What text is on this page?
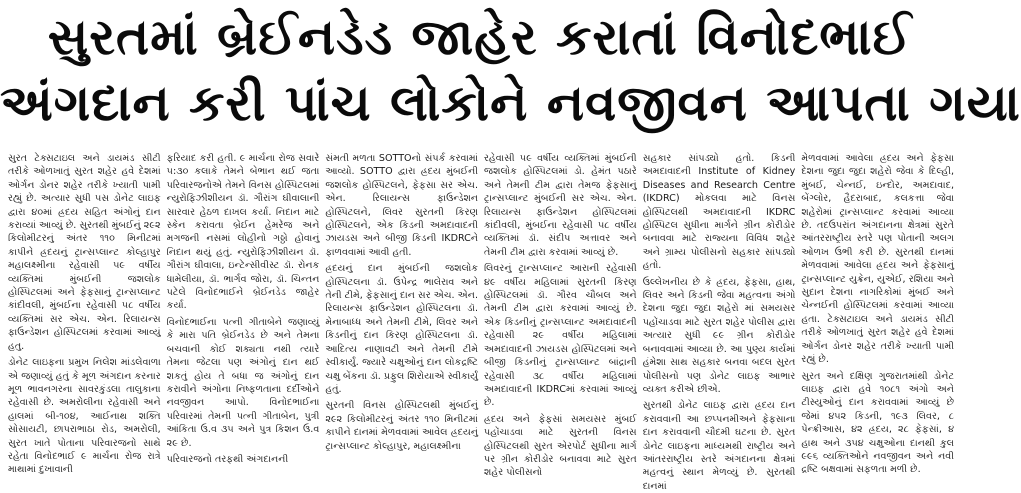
સુરતમાં બ્રેઈનડેડ જાહેર કરાતાં વિનોદભાઈ
અંગદાન કરી પાંચ લોકોને નવજીવન આપતા ગયા

સુરત ટેક્સટાઇલ અને ડાયમંડ સીટી તરીકે ઓળખાતું સુરત શહેર હવે દેશમાં ઓર્ગન ડોનર શહેર તરીકે ખ્યાતી પામી રહ્યું છે. અત્યાર સુધી ૫સ ડોનેટ લાઇફ દ્વારા ૪૦માં હ્રદય સહિત અંગોનું દાન કરાવ્યાં આવ્યું છે. સુરતથી મુંબઈનું ૨૯૨ કિલોમીટરનું અંતર ૧૧૦ મિનીટમાં કાપીને હ્રદયનું ટ્રાન્સપ્લાન્ટ કોલ્હાપુર મહાલક્ષ્મીના રહેવાસી ૫૯ વર્ષીય વ્યક્તિમાં મુંબઈની જશલોક હોસ્પિટલમાં અને ફેફસાનું ટ્રાન્સપ્લાન્ટ કાંદીવલી, મુંબઈના રહેવાસી ૫૮ વર્ષીય વ્યક્તિમાં સર એચ. એન. રિલાયન્સ ફાઉન્ડેશન હોસ્પિટલમાં કરવામાં આવ્યું હતુ.

ડોનેટ લાઇફના પ્રમુખ નિલેશ માંડલેવાળા એ જણાવ્યું હતું કે મૂળ અંગદાન કરનાર મૂળ ભાવનગરના સાવરકુંડલા તાલુકાના રહેવાસી છે. અમરોલીના રહેવાસી અને હાલમાં બી-૧૦૪, આઈનાથ શક્તિ સોસાયટી, છાપરાભાઠા રોડ, અમરોલી, સુરત ખાતે પોતાના પરિવારજનો સાથે રહેતા વિનોદભાઈ ૯ માર્ચના રોજ રાત્રે માથામાં દુખાવાની

ફરિયાદ કરી હતી. ૯ માર્ચના રોજ સવારે ૫:૩૦ કલાકે તેમને બેભાન થઈ જતા પરિવારજનોએ તેમને વિનસ હોસ્પિટલમાં ન્યુરોફિઝીશીયન ડૉ. ગૌરાંગ ઘીવાલાની સારવાર હેઠળ દાખલ કર્યા. નિદાન માટે સ્કેન કરાવતા બ્રેઈન હેમરેજ અને મગજની નસમાં લોહીનો ગઠ્ઠો હોવાનું નિદાન થયું હતું. ન્યુરોફિઝીશીયન ડૉ. ગૌરાંગ ઘીવાલા, ઇન્ટેન્સીવીસ્ટ ડૉ. રોનક ધામેલીયા, ડૉ. ભાર્ગવ જોરા, ડૉ. ચિન્તન પટેલે વિનોદભાઈને બ્રેઈનડેડ જાહેર કર્યા.

વિનોદભાઈના પત્ની ગીતાબેને જણાવ્યું કે મારા પતિ બ્રેઈનડેડ છે અને તેમના બચવાની કોઈ શક્યતા નથી ત્યારે તેમના જેટલા પણ અંગોનું દાન થઈ શકતું હોય તે બધા જ અંગોનું દાન કરાવીને અંગોના નિષ્ફળતાના દર્દીઓને નવજીવન આપો. વિનોદભાઈના પરિવારમાં તેમની પત્ની ગીતાબેન, પુત્રી આંકિતા ઉ.વ ૩૫ અને પુત્ર કિશન ઉ.વ ૨૯ છે.

પરિવારજનો તરફથી અંગદાનની

સંમતી મળતા SOTTOનો સંપર્ક કરવામાં આવ્યો. SOTTO દ્વારા હ્રદય મુંબઈની જશલોક હોસ્પિટલને, ફેફસા સર એચ. એન. રિલાયન્સ ફાઉન્ડેશન હોસ્પિટલને, લિવર સુરતની કિરણ હોસ્પિટલને, એક કિડની અમદાવાદની ઝાયડસ અને બીજી કિડની IKDRCને ફાળવવામાં આવી હતી.

હ્રદયનું દાન મુંબઈની જશલોક હોસ્પિટલના ડૉ. ઉપેન્દ્ર ભાલેરાવ અને તેની ટીમે, ફેફસાનું દાન સર એચ. એન. રિલાયન્સ ફાઉન્ડેશન હોસ્પિટલના ડૉ. મેનાબાધ્ધ અને તેમની ટીમે, લિવર અને કિડનીનું દાન કિરણ હોસ્પિટલના ડૉ. આદિત્ય નાણાવટી અને તેમની ટીમે સ્વીકાર્યું. જ્યારે ચક્ષુઓનું દાન લોકદ્રષ્ટિ ચક્ષુ બેંકના ડૉ. પ્રફુલ શિરોયાએ સ્વીકાર્યું હતું.

સુરતની વિનસ હોસ્પિટલથી મુંબઈનું ૨૯૨ કિલોમીટરનું અંતર ૧૧૦ મિનીટમાં કાપીને દાનમાં મેળવવામાં આવેલ હ્રદયનું ટ્રાન્સપ્લાન્ટ કોલ્હાપુર, મહાલક્ષ્મીના

રહેવાસી ૫૯ વર્ષીય વ્યક્તિમાં મુંબઈની જશલોક હોસ્પિટલમાં ડો. હેમંત પઠારે અને તેમની ટીમ દ્વારા તેમજ ફેફસાનું ટ્રાન્સપ્લાન્ટ મુંબઈની સર એચ. એન. રિલાયન્સ ફાઉન્ડેશન હોસ્પિટલમાં કાંદીવલી, મુંબઈના રહેવાસી ૫૮ વર્ષીય વ્યક્તિમાં ડૉ. સંદીપ અત્તાવર અને તેમની ટીમ દ્વારા કરવામાં આવ્યું છે.

લિવરનું ટ્રાન્સપ્લાન્ટ આરાની રહેવાસી ૪૯ વર્ષીય મહિલામાં સુરતની કિરણ હોસ્પિટલમાં ડૉ. ગૌરવ ચૌબલ અને તેમની ટીમ દ્વારા કરવામાં આવ્યું છે. એક કિડનીનું ટ્રાન્સપ્લાન્ટ અમદાવાદની રહેવાસી ૨૯ વર્ષીય મહિલામાં અમદાવાદની ઝાયડસ હોસ્પિટલમાં અને બીજી કિડનીનું ટ્રાન્સપ્લાન્ટ બાંદ્રાની રહેવાસી ૩૮ વર્ષીય મહિલામાં અમદાવાદની IKDRCમાં કરવામાં આવ્યું છે.

હ્રદય અને ફેફસાં સમયસર મુંબઈ પહોંચાડવા માટે સુરતની વિનસ હોસ્પિટલથી સુરત એરપોર્ટ સુધીના માર્ગ પર ગ્રીન કોરીડોર બનાવવા માટે સુરત શહેર પોલીસનો

સહકાર સાંપડ્યો હતો. કિડની અમદાવાદની Institute of Kidney Diseases and Research Centre (IKDRC) મોકલવા માટે વિનસ હોસ્પિટલથી અમદાવાદની IKDRC હોસ્પિટલ સુધીના માર્ગને ગ્રીન કોરીડોર બનાવવા માટે રાજ્યના વિવિધ શહેર અને ગ્રામ્ય પોલીસનો સહકાર સાંપડ્યો હતો.

ઉલ્લેખનીય છે કે હ્રદય, ફેફસા, હાથ, લિવર અને કિડની જેવા મહત્વના અંગો દેશના જુદા જુદા શહેરો માં સમયસર પહોંચાડવા માટે સુરત શહેર પોલીસ દ્વારા અત્યાર સુધી ૯૯ ગ્રીન કોરીડોર બનાવવામાં આવ્યા છે. આ પુણ્ય કાર્યમાં હંમેશા સાથ સહકાર બનવા બદલ સુરત પોલીસનો પણ ડોનેટ લાઇફ આભાર વ્યક્ત કરીએ છીએ.

સુરતથી ડોનેટ લાઇફ દ્વારા હ્રદય દાન કરાવવાની આ છપ્પનમીઅને ફેફસાના દાન કરાવવાની ચૌદમી ઘટના છે. સુરત ડોનેટ લાઇફના માધ્યમથી રાષ્ટ્રીય અને આંતરરાષ્ટ્રીય સ્તરે અંગદાનના ક્ષેત્રમાં મહત્વનું સ્થાન મેળવ્યું છે. સુરતથી દાનમાં

મેળવવામાં આવેલા હ્રદય અને ફેફસા દેશના જુદા જુદા શહેરો જેવા કે દિલ્હી, મુંબઈ, ચેન્નઈ, ઇન્દોર, અમદાવાદ, બેંગ્લોર, હૈદરાબાદ, કલકત્તા જેવા શહેરોમાં ટ્રાન્સપ્લાન્ટ કરવામાં આવ્યા છે. તદઉપરાંત અંગદાનના ક્ષેત્રમાં સુરતે આંતરરાષ્ટ્રીય સ્તરે પણ પોતાની અલગ ઓળખ ઉભી કરી છે. સુરતથી દાનમાં મેળવવામાં આવેલા હ્રદય અને ફેફસાનું ટ્રાન્સપ્લાન્ટ યુક્રેન, યુએઈ, રશિયા અને સુદાન દેશના નાગરિકોમાં મુંબઈ અને ચેન્નઈની હોસ્પિટલમાં કરવામાં આવ્યા હતા. ટેક્સટાઇલ અને ડાયમંડ સીટી તરીકે ઓળખાતું સુરત શહેર હવે દેશમાં ઓર્ગન ડોનર શહેર તરીકે ખ્યાતી પામી રહ્યું છે.

સુરત અને દક્ષિણ ગુજરાતમાંથી ડોનેટ લાઇફ દ્વારા હવે ૧૦૮૧ અંગો અને ટીસ્યુઓનું દાન કરાવવામાં આવ્યું છે જેમાં ૪૫૨ કિડની, ૧૯૩ લિવર, ૮ પેન્ક્રીઆસ, ૪૨ હ્રદય, ૨૮ ફેફસાં, ૪ હાથ અને ૩૫૪ ચક્ષુઓના દાનથી કુલ ૯૯૬ વ્યક્તિઓને નવજીવન અને નવી દ્રષ્ટિ બક્ષવામાં સફળતા મળી છે.
